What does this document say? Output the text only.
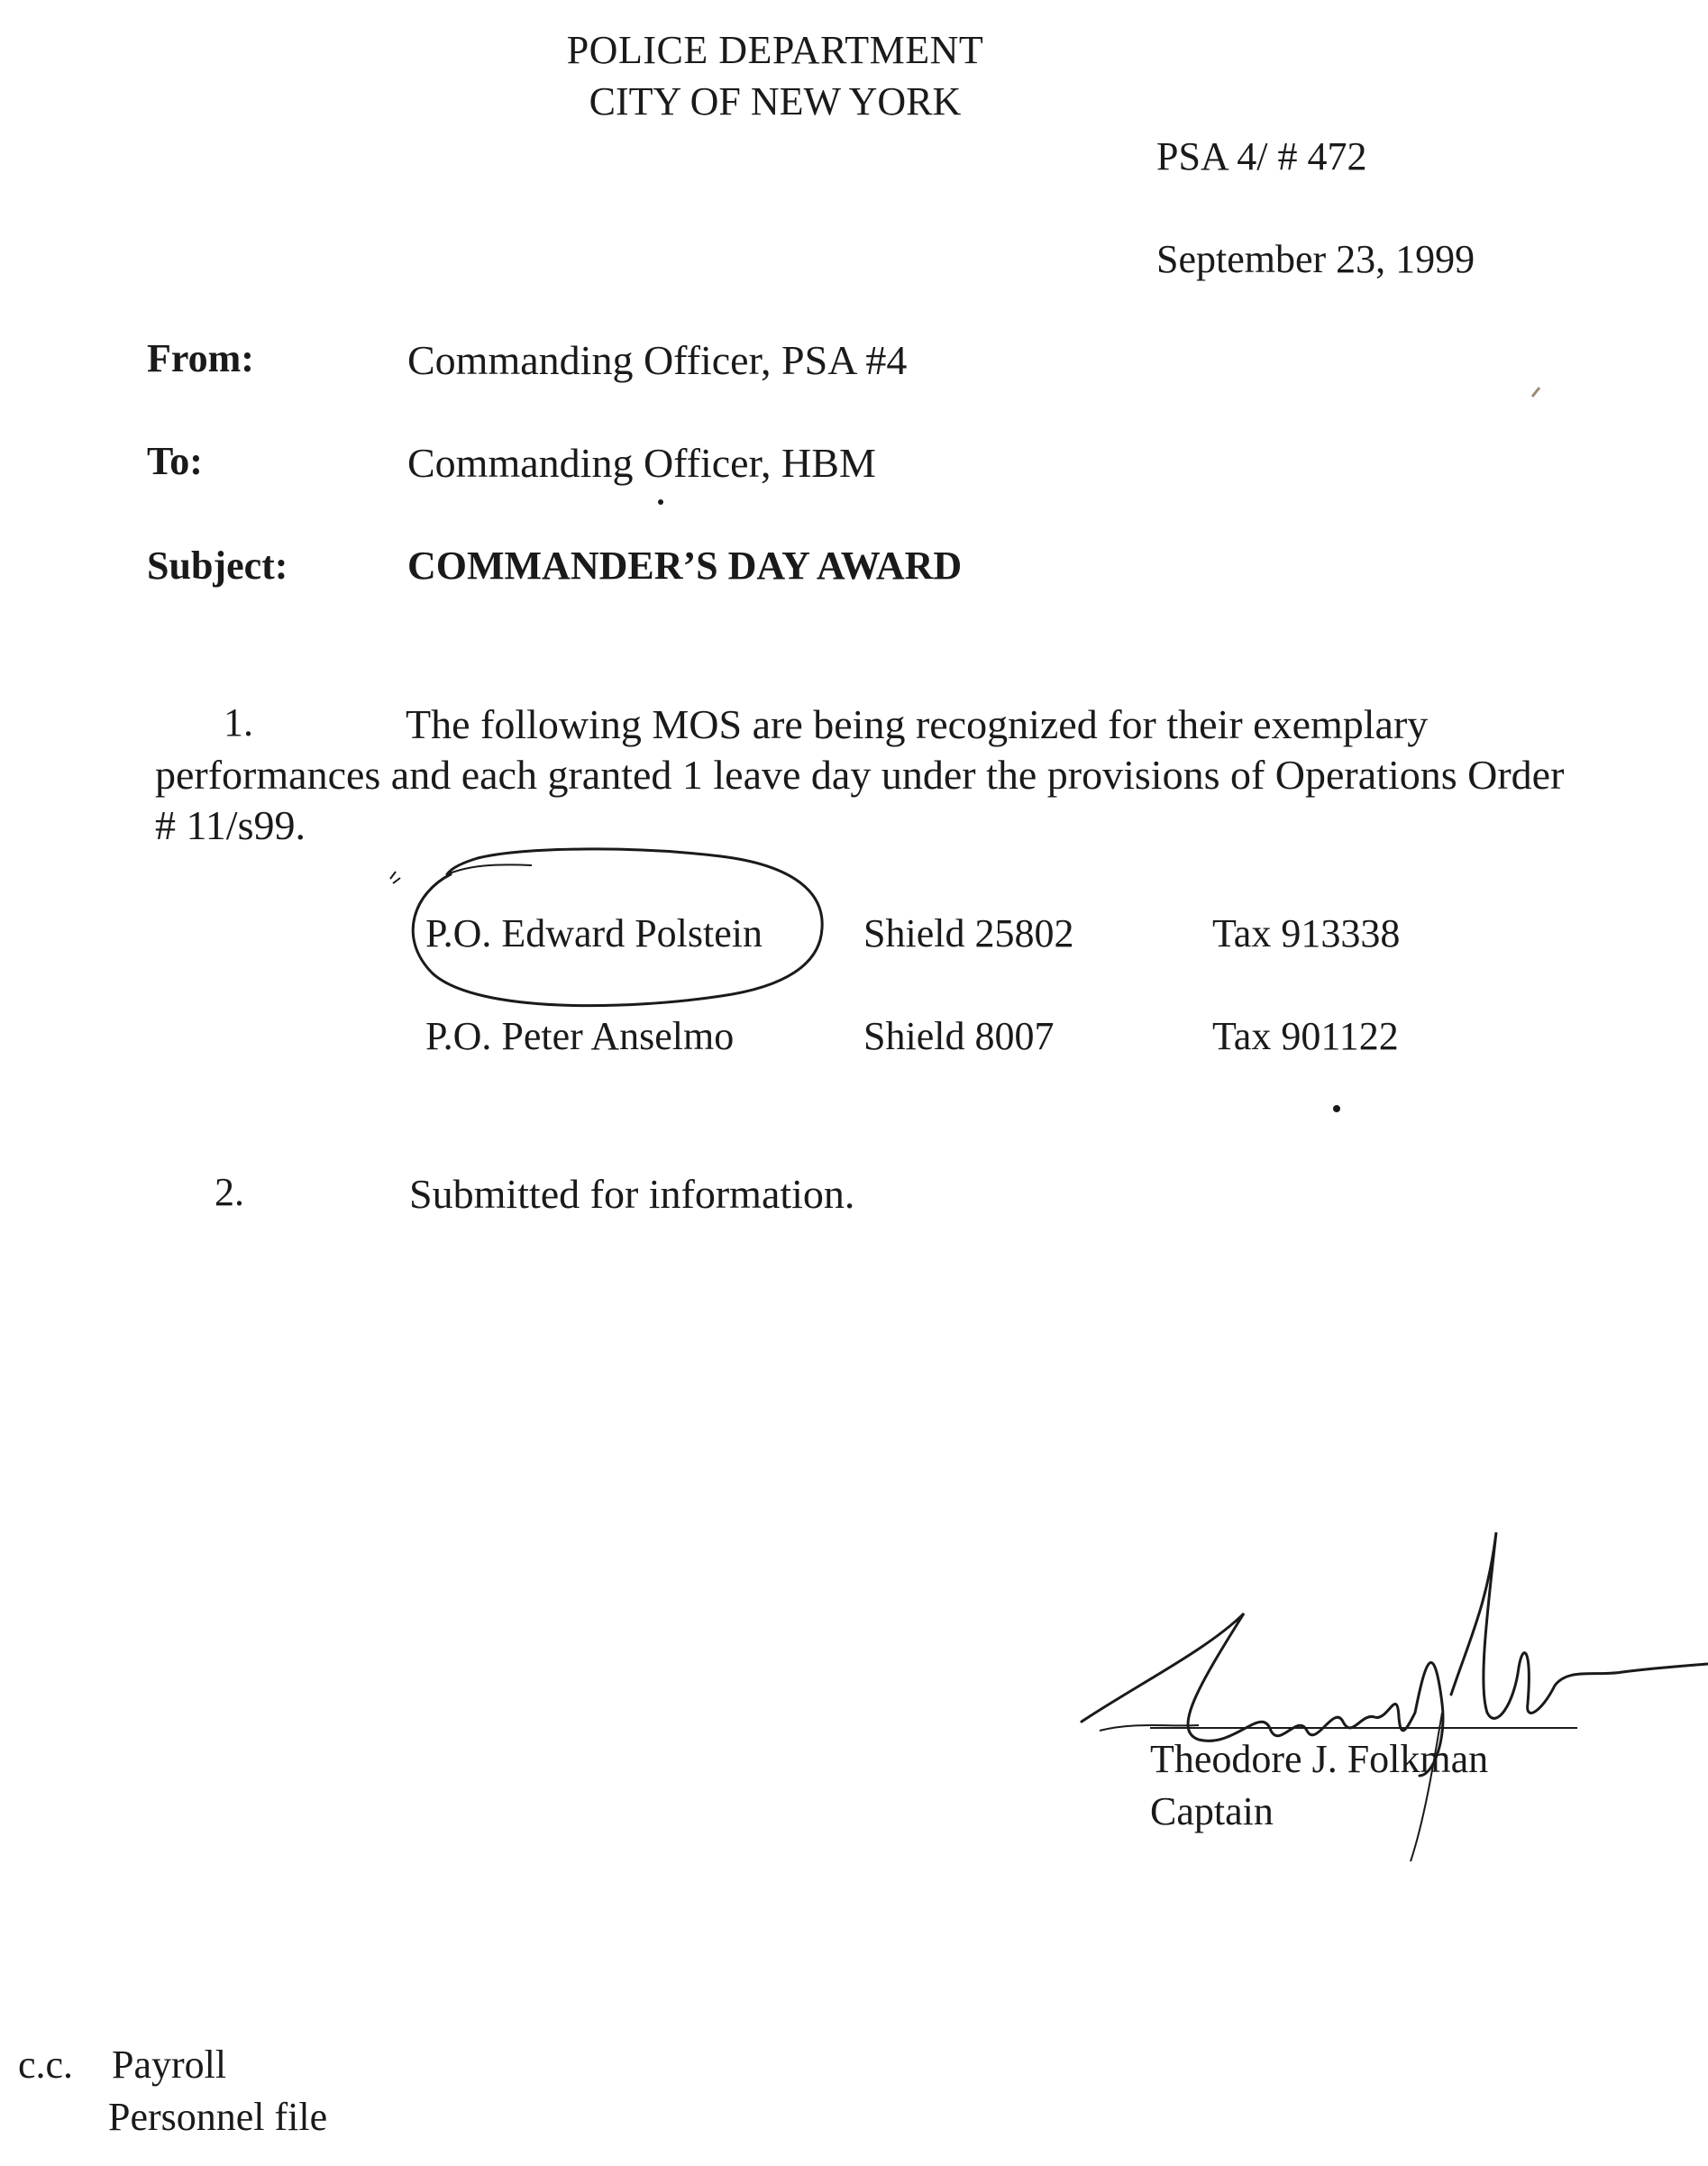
POLICE DEPARTMENT
CITY OF NEW YORK
PSA 4/ # 472
September 23, 1999
From:	Commanding Officer, PSA #4
To:	Commanding Officer, HBM
Subject:	COMMANDER’S DAY AWARD
1.	The following MOS are being recognized for their exemplary performances and each granted 1 leave day under the provisions of Operations Order # 11/s99.
P.O. Edward Polstein	Shield 25802	Tax 913338
P.O. Peter Anselmo	Shield 8007	Tax 901122
2.	Submitted for information.
Theodore J. Folkman
Captain
c.c. Payroll
Personnel file
